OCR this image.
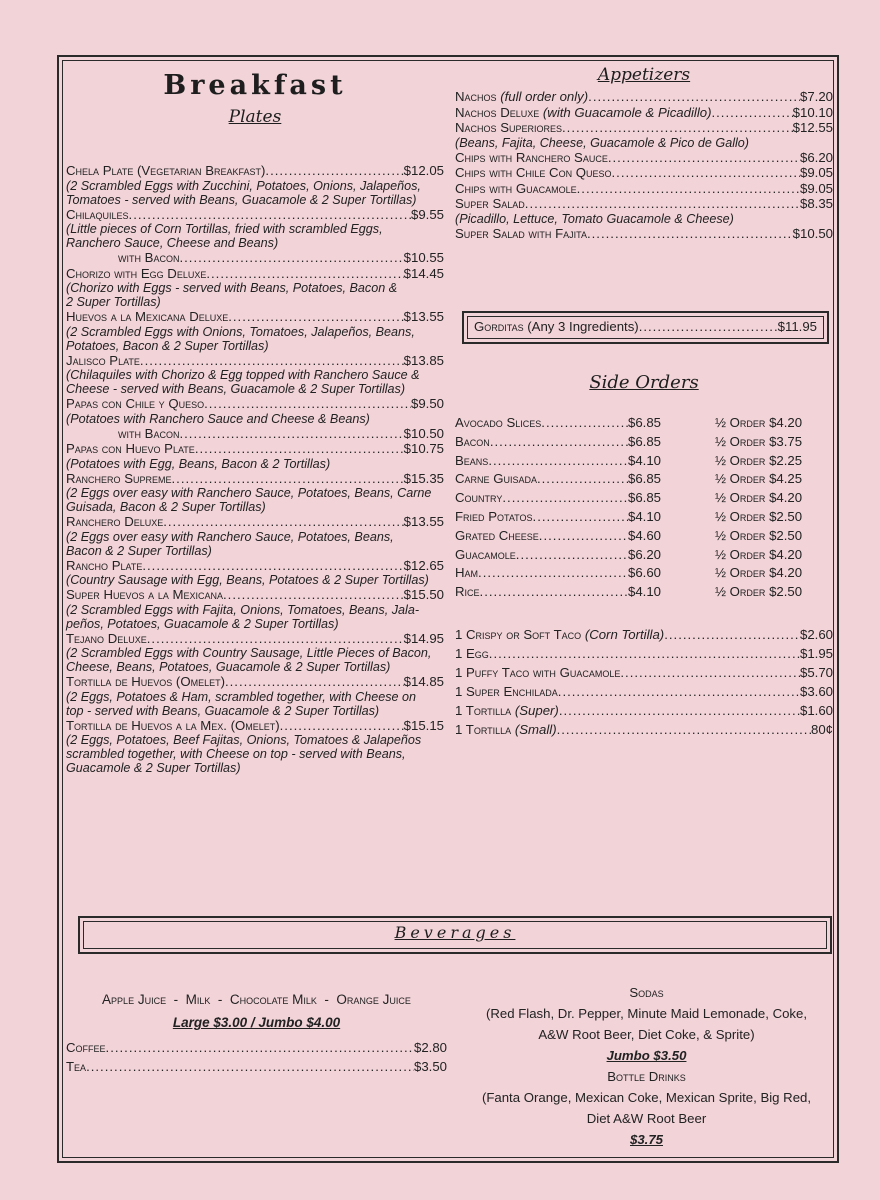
Breakfast
Plates
Chela Plate (Vegetarian Breakfast) .....	$12.05
(2 Scrambled Eggs with Zucchini, Potatoes, Onions, Jalapeños,
Tomatoes - served with Beans, Guacamole & 2 Super Tortillas)
Chilaquiles .....	$9.55
(Little pieces of Corn Tortillas, fried with scrambled Eggs,
Ranchero Sauce, Cheese and Beans)
with Bacon .....	$10.55
Chorizo with Egg Deluxe .....	$14.45
(Chorizo with Eggs - served with Beans, Potatoes, Bacon &
2 Super Tortillas)
Huevos a la Mexicana Deluxe .....	$13.55
(2 Scrambled Eggs with Onions, Tomatoes, Jalapeños, Beans,
Potatoes, Bacon & 2 Super Tortillas)
Jalisco Plate .....	$13.85
(Chilaquiles with Chorizo & Egg topped with Ranchero Sauce &
Cheese - served with Beans, Guacamole & 2 Super Tortillas)
Papas con Chile y Queso .....	$9.50
(Potatoes with Ranchero Sauce and Cheese & Beans)
with Bacon .....	$10.50
Papas con Huevo Plate .....	$10.75
(Potatoes with Egg, Beans, Bacon & 2 Tortillas)
Ranchero Supreme .....	$15.35
(2 Eggs over easy with Ranchero Sauce, Potatoes, Beans, Carne
Guisada, Bacon & 2 Super Tortillas)
Ranchero Deluxe .....	$13.55
(2 Eggs over easy with Ranchero Sauce, Potatoes, Beans,
Bacon & 2 Super Tortillas)
Rancho Plate .....	$12.65
(Country Sausage with Egg, Beans, Potatoes & 2 Super Tortillas)
Super Huevos a la Mexicana .....	$15.50
(2 Scrambled Eggs with Fajita, Onions, Tomatoes, Beans, Jala-
peños, Potatoes, Guacamole & 2 Super Tortillas)
Tejano Deluxe .....	$14.95
(2 Scrambled Eggs with Country Sausage, Little Pieces of Bacon,
Cheese, Beans, Potatoes, Guacamole & 2 Super Tortillas)
Tortilla de Huevos (Omelet) .....	$14.85
(2 Eggs, Potatoes & Ham, scrambled together, with Cheese on
top - served with Beans, Guacamole & 2 Super Tortillas)
Tortilla de Huevos a la Mex. (Omelet) .....	$15.15
(2 Eggs, Potatoes, Beef Fajitas, Onions, Tomatoes & Jalapeños
scrambled together, with Cheese on top - served with Beans,
Guacamole & 2 Super Tortillas)
Appetizers
Nachos (full order only) .....	$7.20
Nachos Deluxe (with Guacamole & Picadillo) .....	$10.10
Nachos Superiores .....	$12.55
(Beans, Fajita, Cheese, Guacamole & Pico de Gallo)
Chips with Ranchero Sauce .....	$6.20
Chips with Chile Con Queso .....	$9.05
Chips with Guacamole .....	$9.05
Super Salad .....	$8.35
(Picadillo, Lettuce, Tomato Guacamole & Cheese)
Super Salad with Fajita .....	$10.50
Gorditas (Any 3 Ingredients) .....	$11.95
Side Orders
Avocado Slices .....	$6.85	½ Order $4.20
Bacon .....	$6.85	½ Order $3.75
Beans .....	$4.10	½ Order $2.25
Carne Guisada .....	$6.85	½ Order $4.25
Country .....	$6.85	½ Order $4.20
Fried Potatos .....	$4.10	½ Order $2.50
Grated Cheese .....	$4.60	½ Order $2.50
Guacamole .....	$6.20	½ Order $4.20
Ham .....	$6.60	½ Order $4.20
Rice .....	$4.10	½ Order $2.50
1 Crispy or Soft Taco (Corn Tortilla) .....	$2.60
1 Egg .....	$1.95
1 Puffy Taco with Guacamole .....	$5.70
1 Super Enchilada .....	$3.60
1 Tortilla (Super) .....	$1.60
1 Tortilla (Small) .....	80¢
Beverages
Apple Juice  -  Milk  -  Chocolate Milk  -  Orange Juice
Large $3.00 / Jumbo $4.00
Coffee .....	$2.80
Tea .....	$3.50
Sodas
(Red Flash, Dr. Pepper, Minute Maid Lemonade, Coke,
A&W Root Beer, Diet Coke, & Sprite)
Jumbo $3.50
Bottle Drinks
(Fanta Orange, Mexican Coke, Mexican Sprite, Big Red,
Diet A&W Root Beer
$3.75
